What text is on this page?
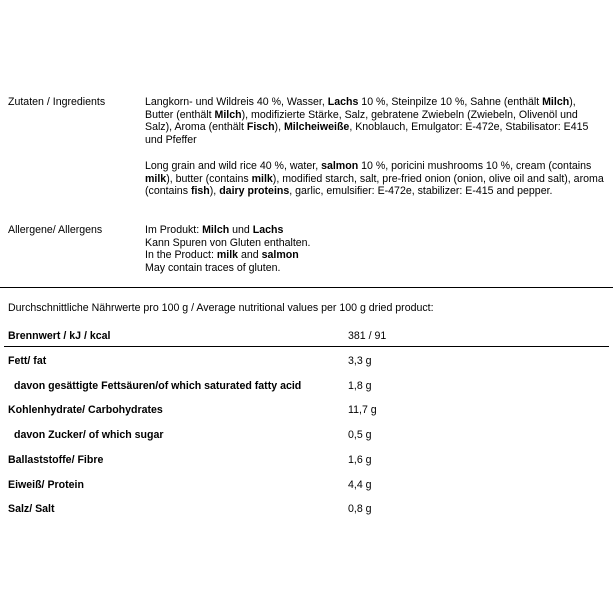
Zutaten / Ingredients	Langkorn- und Wildreis 40 %, Wasser, Lachs 10 %, Steinpilze 10 %, Sahne (enthält Milch), Butter (enthält Milch), modifizierte Stärke, Salz, gebratene Zwiebeln (Zwiebeln, Olivenöl und Salz), Aroma (enthält Fisch), Milcheiweiße, Knoblauch, Emulgator: E-472e, Stabilisator: E415 und Pfeffer
Long grain and wild rice 40 %, water, salmon 10 %, poricini mushrooms 10 %, cream (contains milk), butter (contains milk), modified starch, salt, pre-fried onion (onion, olive oil and salt), aroma (contains fish), dairy proteins, garlic, emulsifier: E-472e, stabilizer: E-415 and pepper.
Allergene/ Allergens	Im Produkt: Milch und Lachs
Kann Spuren von Gluten enthalten.
In the Product: milk and salmon
May contain traces of gluten.
Durchschnittliche Nährwerte pro 100 g / Average nutritional values per 100 g dried product:
Brennwert / kJ / kcal	381 / 91
Fett/ fat	3,3 g
davon gesättigte Fettsäuren/of which saturated fatty acid	1,8 g
Kohlenhydrate/ Carbohydrates	11,7 g
davon Zucker/ of which sugar	0,5 g
Ballaststoffe/ Fibre	1,6 g
Eiweiß/ Protein	4,4 g
Salz/ Salt	0,8 g
